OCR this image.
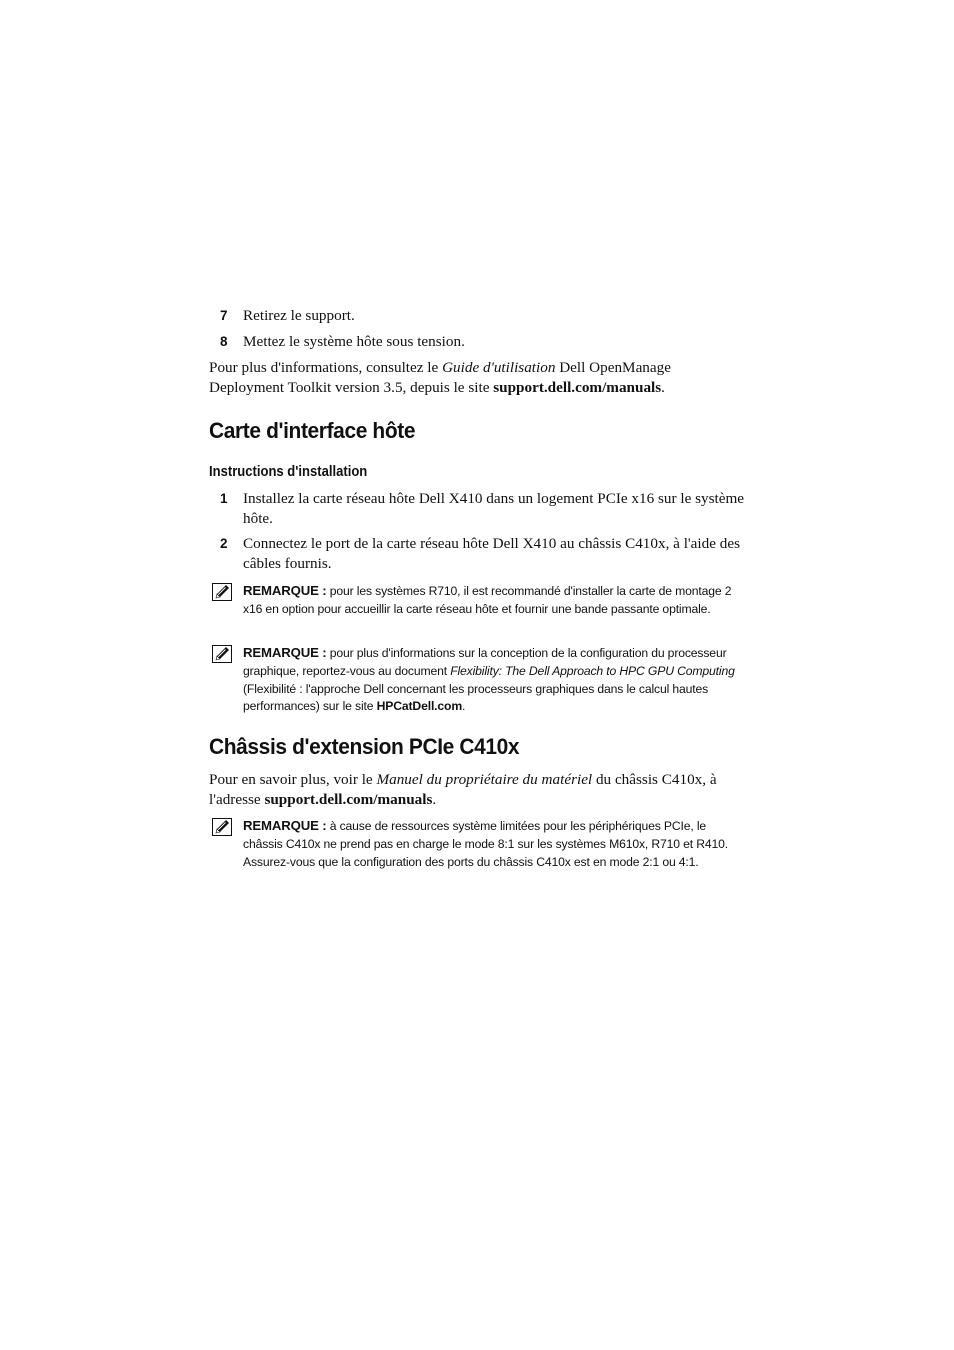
7 Retirez le support.
8 Mettez le système hôte sous tension.
Pour plus d'informations, consultez le Guide d'utilisation Dell OpenManage Deployment Toolkit version 3.5, depuis le site support.dell.com/manuals.
Carte d'interface hôte
Instructions d'installation
1 Installez la carte réseau hôte Dell X410 dans un logement PCIe x16 sur le système hôte.
2 Connectez le port de la carte réseau hôte Dell X410 au châssis C410x, à l'aide des câbles fournis.
REMARQUE : pour les systèmes R710, il est recommandé d'installer la carte de montage 2 x16 en option pour accueillir la carte réseau hôte et fournir une bande passante optimale.
REMARQUE : pour plus d'informations sur la conception de la configuration du processeur graphique, reportez-vous au document Flexibility: The Dell Approach to HPC GPU Computing (Flexibilité : l'approche Dell concernant les processeurs graphiques dans le calcul hautes performances) sur le site HPCatDell.com.
Châssis d'extension PCIe C410x
Pour en savoir plus, voir le Manuel du propriétaire du matériel du châssis C410x, à l'adresse support.dell.com/manuals.
REMARQUE : à cause de ressources système limitées pour les périphériques PCIe, le châssis C410x ne prend pas en charge le mode 8:1 sur les systèmes M610x, R710 et R410. Assurez-vous que la configuration des ports du châssis C410x est en mode 2:1 ou 4:1.
